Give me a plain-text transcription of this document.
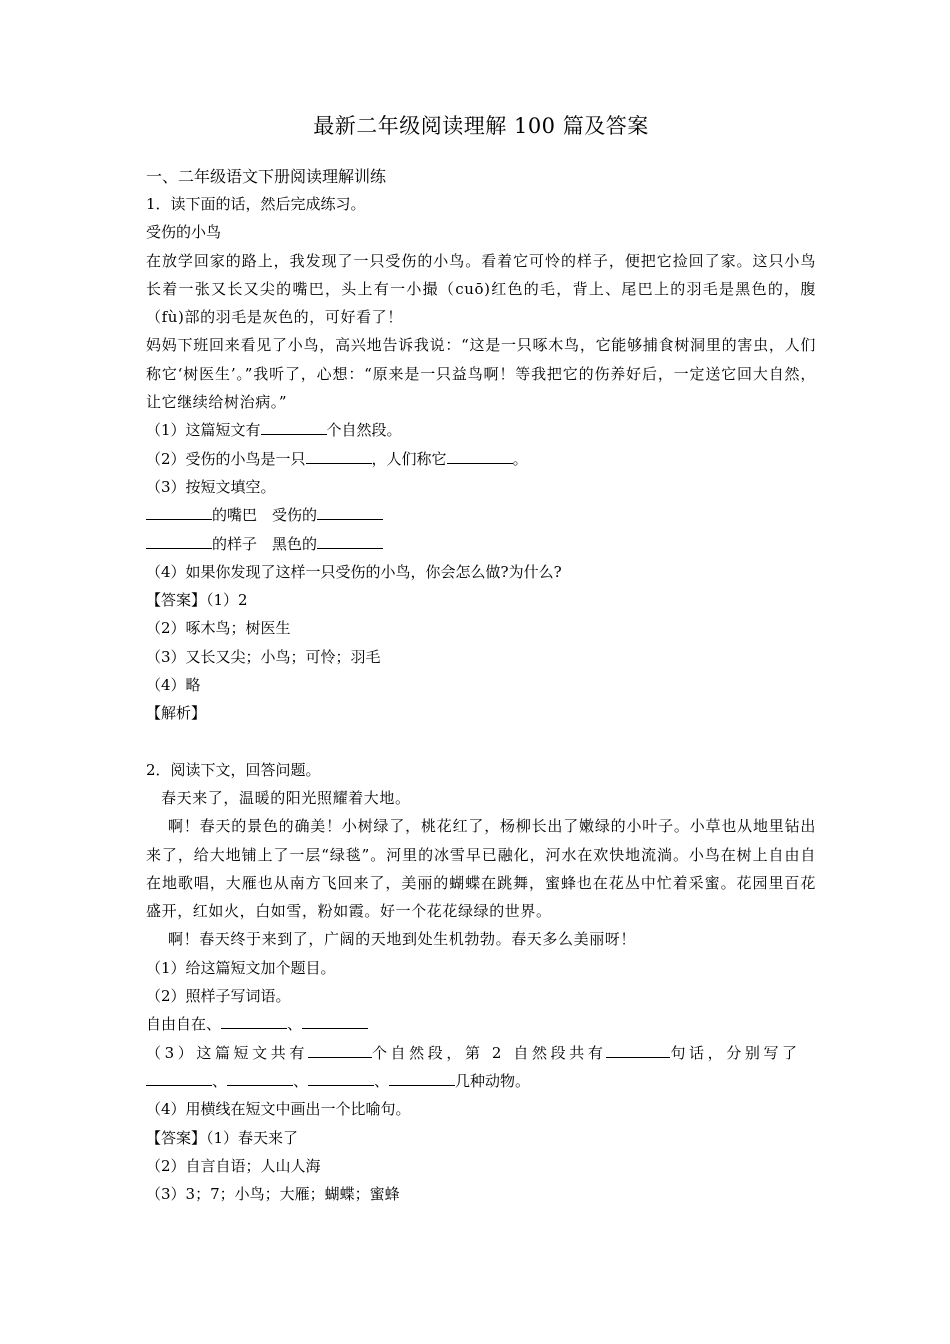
最新二年级阅读理解 100 篇及答案
一、二年级语文下册阅读理解训练
1．读下面的话，然后完成练习。
受伤的小鸟
在放学回家的路上，我发现了一只受伤的小鸟。看着它可怜的样子，便把它捡回了家。这只小鸟长着一张又长又尖的嘴巴，头上有一小撮（cuō)红色的毛，背上、尾巴上的羽毛是黑色的，腹（fù)部的羽毛是灰色的，可好看了！
妈妈下班回来看见了小鸟，高兴地告诉我说：“这是一只啄木鸟，它能够捕食树洞里的害虫，人们称它‘树医生’。”我听了，心想：“原来是一只益鸟啊！等我把它的伤养好后，一定送它回大自然，让它继续给树治病。”
（1）这篇短文有	个自然段。
（2）受伤的小鸟是一只	，人们称它	。
（3）按短文填空。
的嘴巴　受伤的
的样子　黑色的
（4）如果你发现了这样一只受伤的小鸟，你会怎么做?为什么?
【答案】（1）2
（2）啄木鸟；树医生
（3）又长又尖；小鸟；可怜；羽毛
（4）略
【解析】
2．阅读下文，回答问题。
春天来了，温暖的阳光照耀着大地。
啊！春天的景色的确美！小树绿了，桃花红了，杨柳长出了嫩绿的小叶子。小草也从地里钻出来了，给大地铺上了一层“绿毯”。河里的冰雪早已融化，河水在欢快地流淌。小鸟在树上自由自在地歌唱，大雁也从南方飞回来了，美丽的蝴蝶在跳舞，蜜蜂也在花丛中忙着采蜜。花园里百花盛开，红如火，白如雪，粉如霞。好一个花花绿绿的世界。
啊！春天终于来到了，广阔的天地到处生机勃勃。春天多么美丽呀！
（1）给这篇短文加个题目。
（2）照样子写词语。
自由自在、	、
（3）这篇短文共有	个自然段，第 2 自然段共有	句话，分别写了
、	、	、	几种动物。
（4）用横线在短文中画出一个比喻句。
【答案】（1）春天来了
（2）自言自语；人山人海
（3）3；7；小鸟；大雁；蝴蝶；蜜蜂
